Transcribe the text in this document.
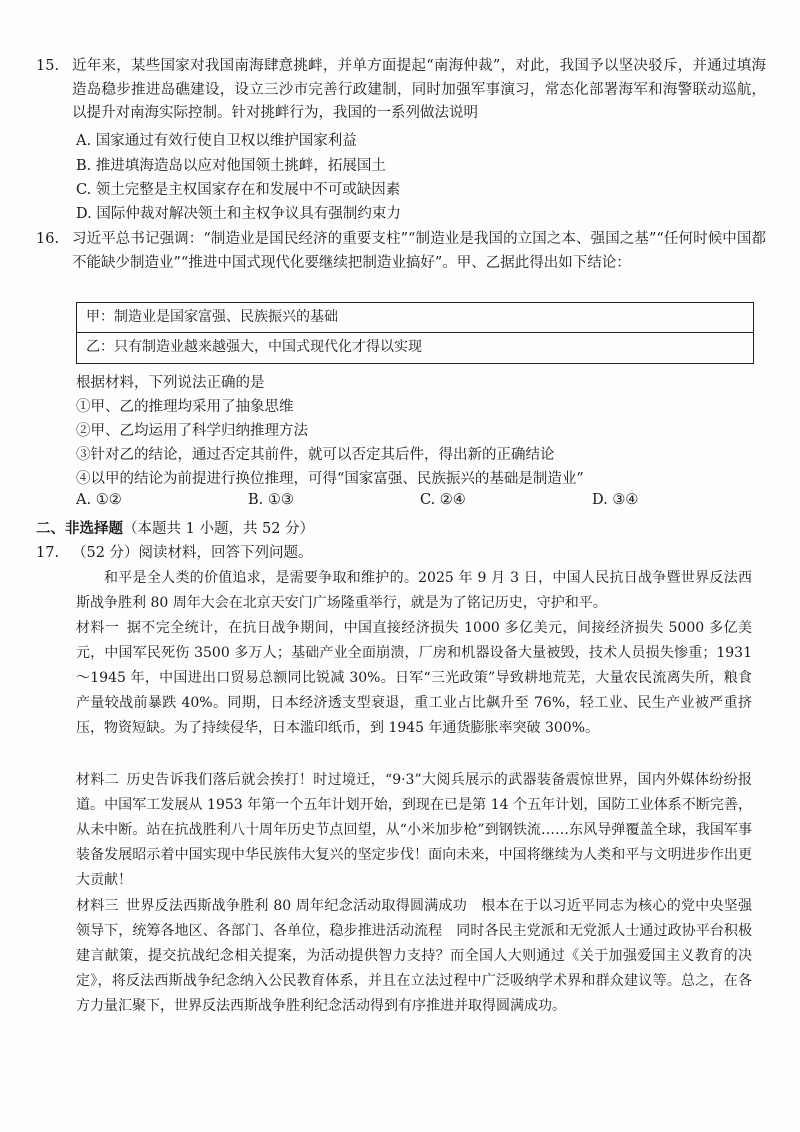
15. 近年来，某些国家对我国南海肆意挑衅，并单方面提起“南海仲裁”，对此，我国予以坚决驳斥，并通过填海造岛稳步推进岛礁建设，设立三沙市完善行政建制，同时加强军事演习，常态化部署海军和海警联动巡航，以提升对南海实际控制。针对挑衅行为，我国的一系列做法说明
A. 国家通过有效行使自卫权以维护国家利益
B. 推进填海造岛以应对他国领土挑衅，拓展国土
C. 领土完整是主权国家存在和发展中不可或缺因素
D. 国际仲裁对解决领土和主权争议具有强制约束力
16. 习近平总书记强调：“制造业是国民经济的重要支柱”“制造业是我国的立国之本、强国之基”“任何时候中国都不能缺少制造业”“推进中国式现代化要继续把制造业搞好”。甲、乙据此得出如下结论：
甲：制造业是国家富强、民族振兴的基础
乙：只有制造业越来越强大，中国式现代化才得以实现
根据材料，下列说法正确的是
①甲、乙的推理均采用了抽象思维
②甲、乙均运用了科学归纳推理方法
③针对乙的结论，通过否定其前件，就可以否定其后件，得出新的正确结论
④以甲的结论为前提进行换位推理，可得“国家富强、民族振兴的基础是制造业”
A. ①②	B. ①③	C. ②④	D. ③④
二、非选择题（本题共 1 小题，共 52 分）
17. （52 分）阅读材料，回答下列问题。
和平是全人类的价值追求，是需要争取和维护的。2025 年 9 月 3 日，中国人民抗日战争暨世界反法西斯战争胜利 80 周年大会在北京天安门广场隆重举行，就是为了铭记历史，守护和平。
材料一  据不完全统计，在抗日战争期间，中国直接经济损失 1000 多亿美元，间接经济损失 5000 多亿美元，中国军民死伤 3500 多万人；基础产业全面崩溃，厂房和机器设备大量被毁，技术人员损失惨重；1931～1945 年，中国进出口贸易总额同比锐减 30%。日军“三光政策”导致耕地荒芜，大量农民流离失所，粮食产量较战前暴跌 40%。同期，日本经济透支型衰退，重工业占比飙升至 76%，轻工业、民生产业被严重挤压，物资短缺。为了持续侵华，日本滥印纸币，到 1945 年通货膨胀率突破 300%。
材料二  历史告诉我们落后就会挨打！时过境迁，“9·3”大阅兵展示的武器装备震惊世界，国内外媒体纷纷报道。中国军工发展从 1953 年第一个五年计划开始，到现在已是第 14 个五年计划，国防工业体系不断完善，从未中断。站在抗战胜利八十周年历史节点回望，从“小米加步枪”到钢铁流……东风导弹覆盖全球，我国军事装备发展昭示着中国实现中华民族伟大复兴的坚定步伐！面向未来，中国将继续为人类和平与文明进步作出更大贡献！
材料三  世界反法西斯战争胜利 80 周年纪念活动取得圆满成功　根本在于以习近平同志为核心的党中央坚强领导下，统筹各地区、各部门、各单位，稳步推进活动流程　同时各民主党派和无党派人士通过政协平台积极建言献策，提交抗战纪念相关提案，为活动提供智力支持？而全国人大则通过《关于加强爱国主义教育的决定》，将反法西斯战争纪念纳入公民教育体系，并且在立法过程中广泛吸纳学术界和群众建议等。总之，在各方力量汇聚下，世界反法西斯战争胜利纪念活动得到有序推进并取得圆满成功。
